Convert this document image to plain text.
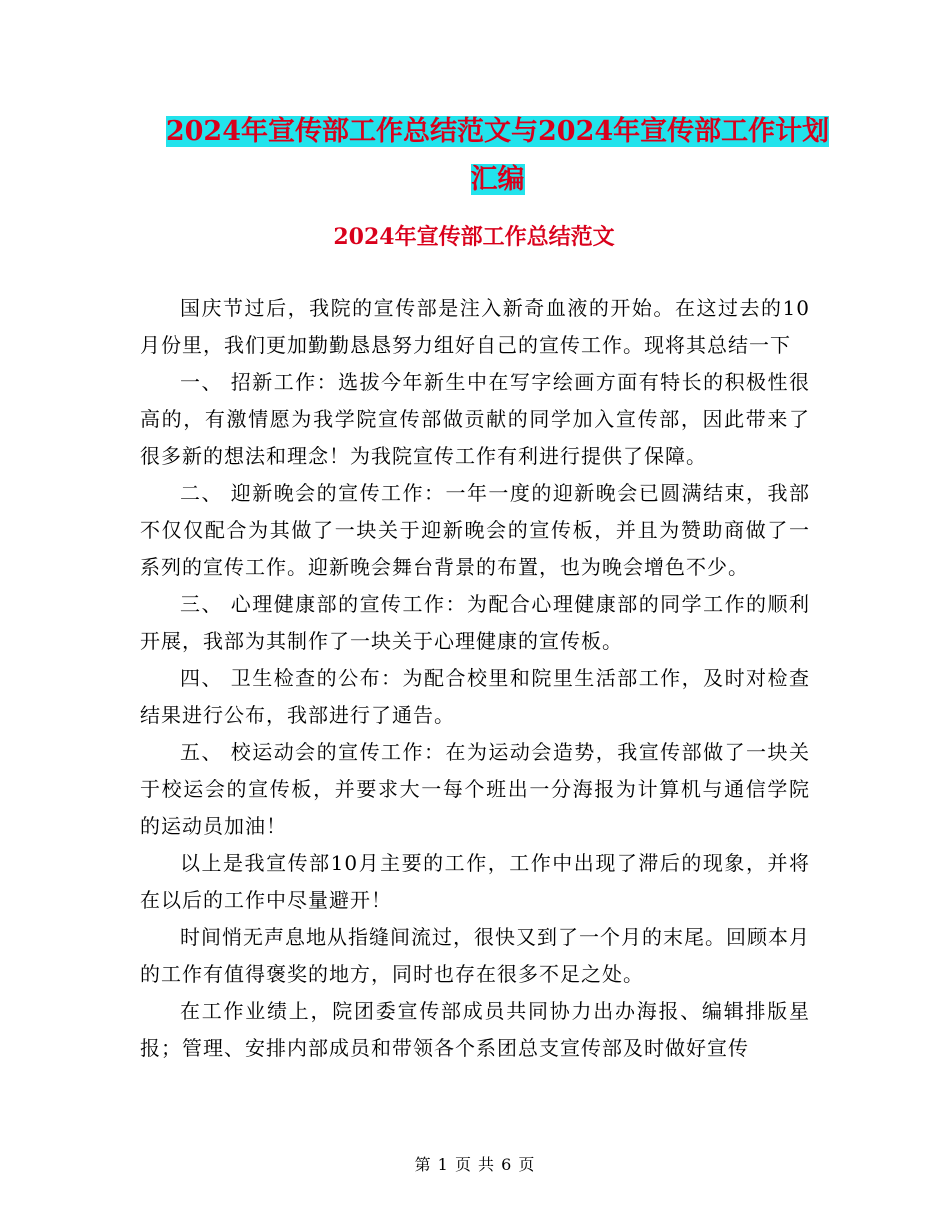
2024年宣传部工作总结范文与2024年宣传部工作计划
汇编
2024年宣传部工作总结范文

国庆节过后，我院的宣传部是注入新奇血液的开始。在这过去的10月份里，我们更加勤勤恳恳努力组好自己的宣传工作。现将其总结一下

一、 招新工作：选拔今年新生中在写字绘画方面有特长的积极性很高的，有激情愿为我学院宣传部做贡献的同学加入宣传部，因此带来了很多新的想法和理念！为我院宣传工作有利进行提供了保障。

二、 迎新晚会的宣传工作：一年一度的迎新晚会已圆满结束，我部不仅仅配合为其做了一块关于迎新晚会的宣传板，并且为赞助商做了一系列的宣传工作。迎新晚会舞台背景的布置，也为晚会增色不少。

三、 心理健康部的宣传工作：为配合心理健康部的同学工作的顺利开展，我部为其制作了一块关于心理健康的宣传板。

四、 卫生检查的公布：为配合校里和院里生活部工作，及时对检查结果进行公布，我部进行了通告。

五、 校运动会的宣传工作：在为运动会造势，我宣传部做了一块关于校运会的宣传板，并要求大一每个班出一分海报为计算机与通信学院的运动员加油！

以上是我宣传部10月主要的工作，工作中出现了滞后的现象，并将在以后的工作中尽量避开！

时间悄无声息地从指缝间流过，很快又到了一个月的末尾。回顾本月的工作有值得褒奖的地方，同时也存在很多不足之处。

在工作业绩上，院团委宣传部成员共同协力出办海报、编辑排版星报；管理、安排内部成员和带领各个系团总支宣传部及时做好宣传

第 1 页 共 6 页
